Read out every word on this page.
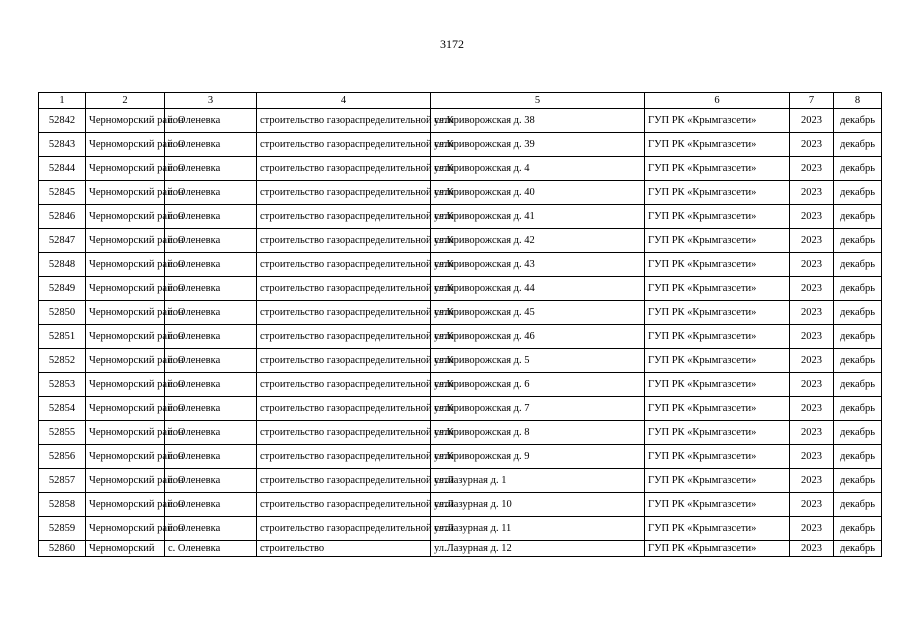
3172
1	2	3	4	5	6	7	8
52842	Черноморский район	с. Оленевка	строительство газораспределительной сети	ул.Криворожская д. 38	ГУП РК «Крымгазсети»	2023	декабрь
52843	Черноморский район	с. Оленевка	строительство газораспределительной сети	ул.Криворожская д. 39	ГУП РК «Крымгазсети»	2023	декабрь
52844	Черноморский район	с. Оленевка	строительство газораспределительной сети	ул.Криворожская д. 4	ГУП РК «Крымгазсети»	2023	декабрь
52845	Черноморский район	с. Оленевка	строительство газораспределительной сети	ул.Криворожская д. 40	ГУП РК «Крымгазсети»	2023	декабрь
52846	Черноморский район	с. Оленевка	строительство газораспределительной сети	ул.Криворожская д. 41	ГУП РК «Крымгазсети»	2023	декабрь
52847	Черноморский район	с. Оленевка	строительство газораспределительной сети	ул.Криворожская д. 42	ГУП РК «Крымгазсети»	2023	декабрь
52848	Черноморский район	с. Оленевка	строительство газораспределительной сети	ул.Криворожская д. 43	ГУП РК «Крымгазсети»	2023	декабрь
52849	Черноморский район	с. Оленевка	строительство газораспределительной сети	ул.Криворожская д. 44	ГУП РК «Крымгазсети»	2023	декабрь
52850	Черноморский район	с. Оленевка	строительство газораспределительной сети	ул.Криворожская д. 45	ГУП РК «Крымгазсети»	2023	декабрь
52851	Черноморский район	с. Оленевка	строительство газораспределительной сети	ул.Криворожская д. 46	ГУП РК «Крымгазсети»	2023	декабрь
52852	Черноморский район	с. Оленевка	строительство газораспределительной сети	ул.Криворожская д. 5	ГУП РК «Крымгазсети»	2023	декабрь
52853	Черноморский район	с. Оленевка	строительство газораспределительной сети	ул.Криворожская д. 6	ГУП РК «Крымгазсети»	2023	декабрь
52854	Черноморский район	с. Оленевка	строительство газораспределительной сети	ул.Криворожская д. 7	ГУП РК «Крымгазсети»	2023	декабрь
52855	Черноморский район	с. Оленевка	строительство газораспределительной сети	ул.Криворожская д. 8	ГУП РК «Крымгазсети»	2023	декабрь
52856	Черноморский район	с. Оленевка	строительство газораспределительной сети	ул.Криворожская д. 9	ГУП РК «Крымгазсети»	2023	декабрь
52857	Черноморский район	с. Оленевка	строительство газораспределительной сети	ул.Лазурная д. 1	ГУП РК «Крымгазсети»	2023	декабрь
52858	Черноморский район	с. Оленевка	строительство газораспределительной сети	ул.Лазурная д. 10	ГУП РК «Крымгазсети»	2023	декабрь
52859	Черноморский район	с. Оленевка	строительство газораспределительной сети	ул.Лазурная д. 11	ГУП РК «Крымгазсети»	2023	декабрь
52860	Черноморский	с. Оленевка	строительство	ул.Лазурная д. 12	ГУП РК «Крымгазсети»	2023	декабрь
